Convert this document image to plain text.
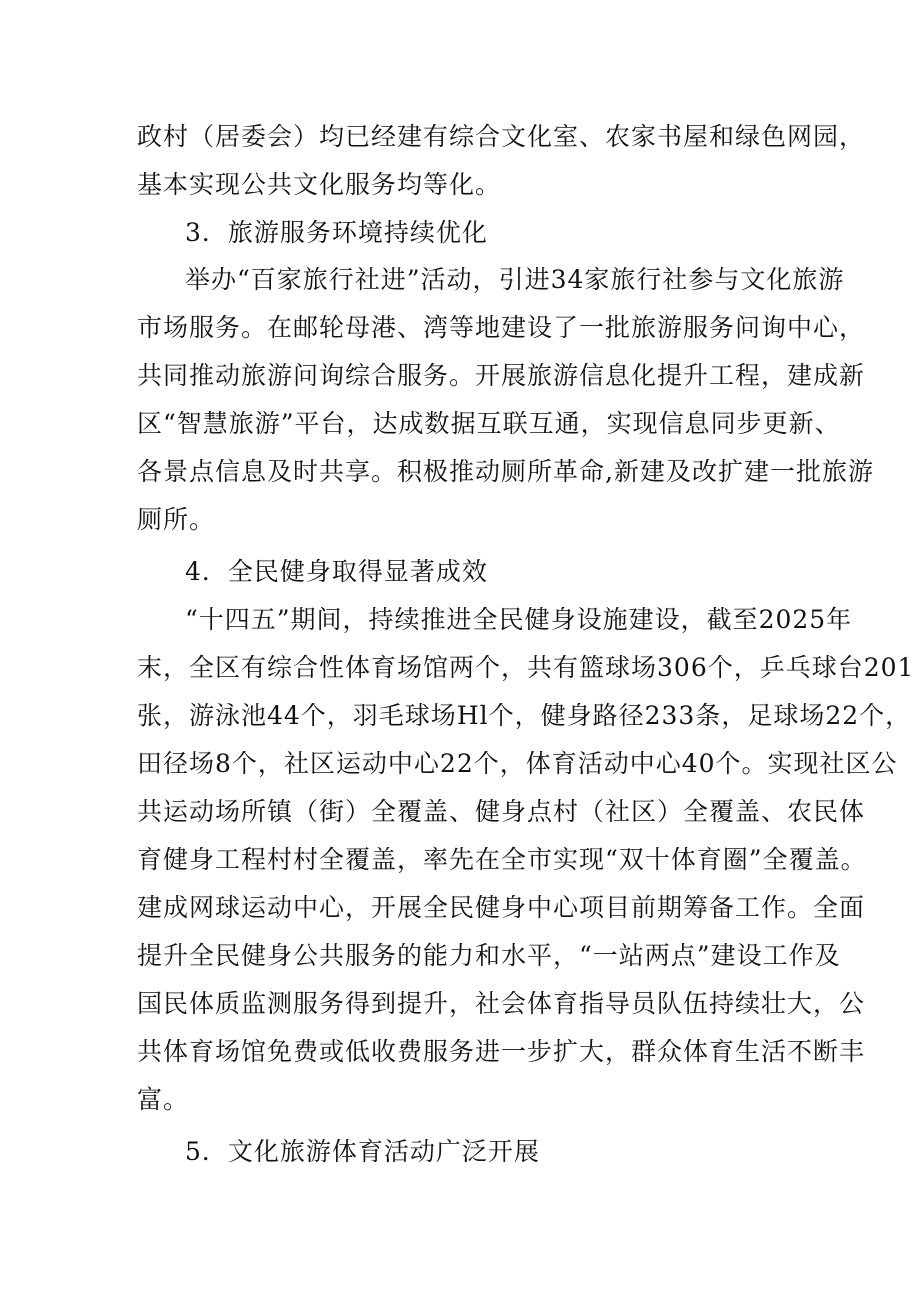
政村（居委会）均已经建有综合文化室、农家书屋和绿色网园，
基本实现公共文化服务均等化。
3．旅游服务环境持续优化
举办“百家旅行社进”活动，引进34家旅行社参与文化旅游
市场服务。在邮轮母港、湾等地建设了一批旅游服务问询中心，
共同推动旅游问询综合服务。开展旅游信息化提升工程，建成新
区“智慧旅游”平台，达成数据互联互通，实现信息同步更新、
各景点信息及时共享。积极推动厕所革命,新建及改扩建一批旅游
厕所。
4．全民健身取得显著成效
“十四五”期间，持续推进全民健身设施建设，截至2025年
末，全区有综合性体育场馆两个，共有篮球场306个，乒乓球台201
张，游泳池44个，羽毛球场Hl个，健身路径233条，足球场22个，
田径场8个，社区运动中心22个，体育活动中心40个。实现社区公
共运动场所镇（街）全覆盖、健身点村（社区）全覆盖、农民体
育健身工程村村全覆盖，率先在全市实现“双十体育圈”全覆盖。
建成网球运动中心，开展全民健身中心项目前期筹备工作。全面
提升全民健身公共服务的能力和水平，“一站两点”建设工作及
国民体质监测服务得到提升，社会体育指导员队伍持续壮大，公
共体育场馆免费或低收费服务进一步扩大，群众体育生活不断丰
富。
5．文化旅游体育活动广泛开展
